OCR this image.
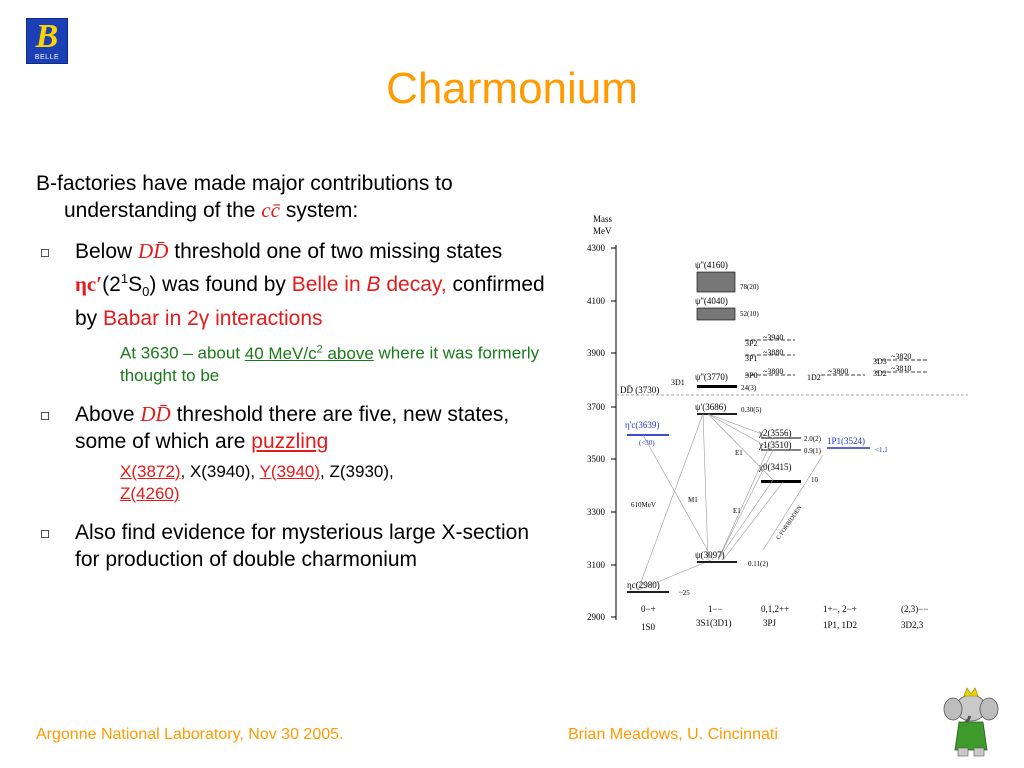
B
BELLE
Charmonium

B-factories have made major contributions to understanding of the cc̄ system:

Below DD̄ threshold one of two missing states $\eta c'(2^1S_0)$ was found by Belle in B decay, confirmed by Babar in 2γ interactions
At 3630 – about 40 MeV/$c^2$ above where it was formerly thought to be
Above DD̄ threshold there are five, new states, some of which are puzzling
X(3872), X(3940), Y(3940), Z(3930),
Z(4260)
Also find evidence for mysterious large X-section for production of double charmonium
Mass
MeV
4300
4100
3900
3700
3500
3300
3100
2900
DD̄ (3730)
ψ''(4160)
78(20)
ψ''(4040)
52(10)
3P2
~3940
3P1
~3880
3P0 ~3800
1D2
~3800
3D3
~3820
3D2
~3810
3D1
ψ''(3770)
24(3)
ψ'(3686) 0.30(5)
η'c(3639)
(<30)
χ2(3556)
χ1(3510)
χ0(3415)
2.0(2)
0.9(1)
10
1P1(3524)
<1.1
E1
E1
M1
610MeV
C FORBIDDEN
ψ(3097)
0.11(2)
ηc(2980)
~25
0−+	1−−	0,1,2++	1+−, 2−+	(2,3)−−
1S0	3S1(3D1)	3PJ	1P1, 1D2	3D2,3
Argonne National Laboratory, Nov 30 2005.	Brian Meadows, U. Cincinnati
